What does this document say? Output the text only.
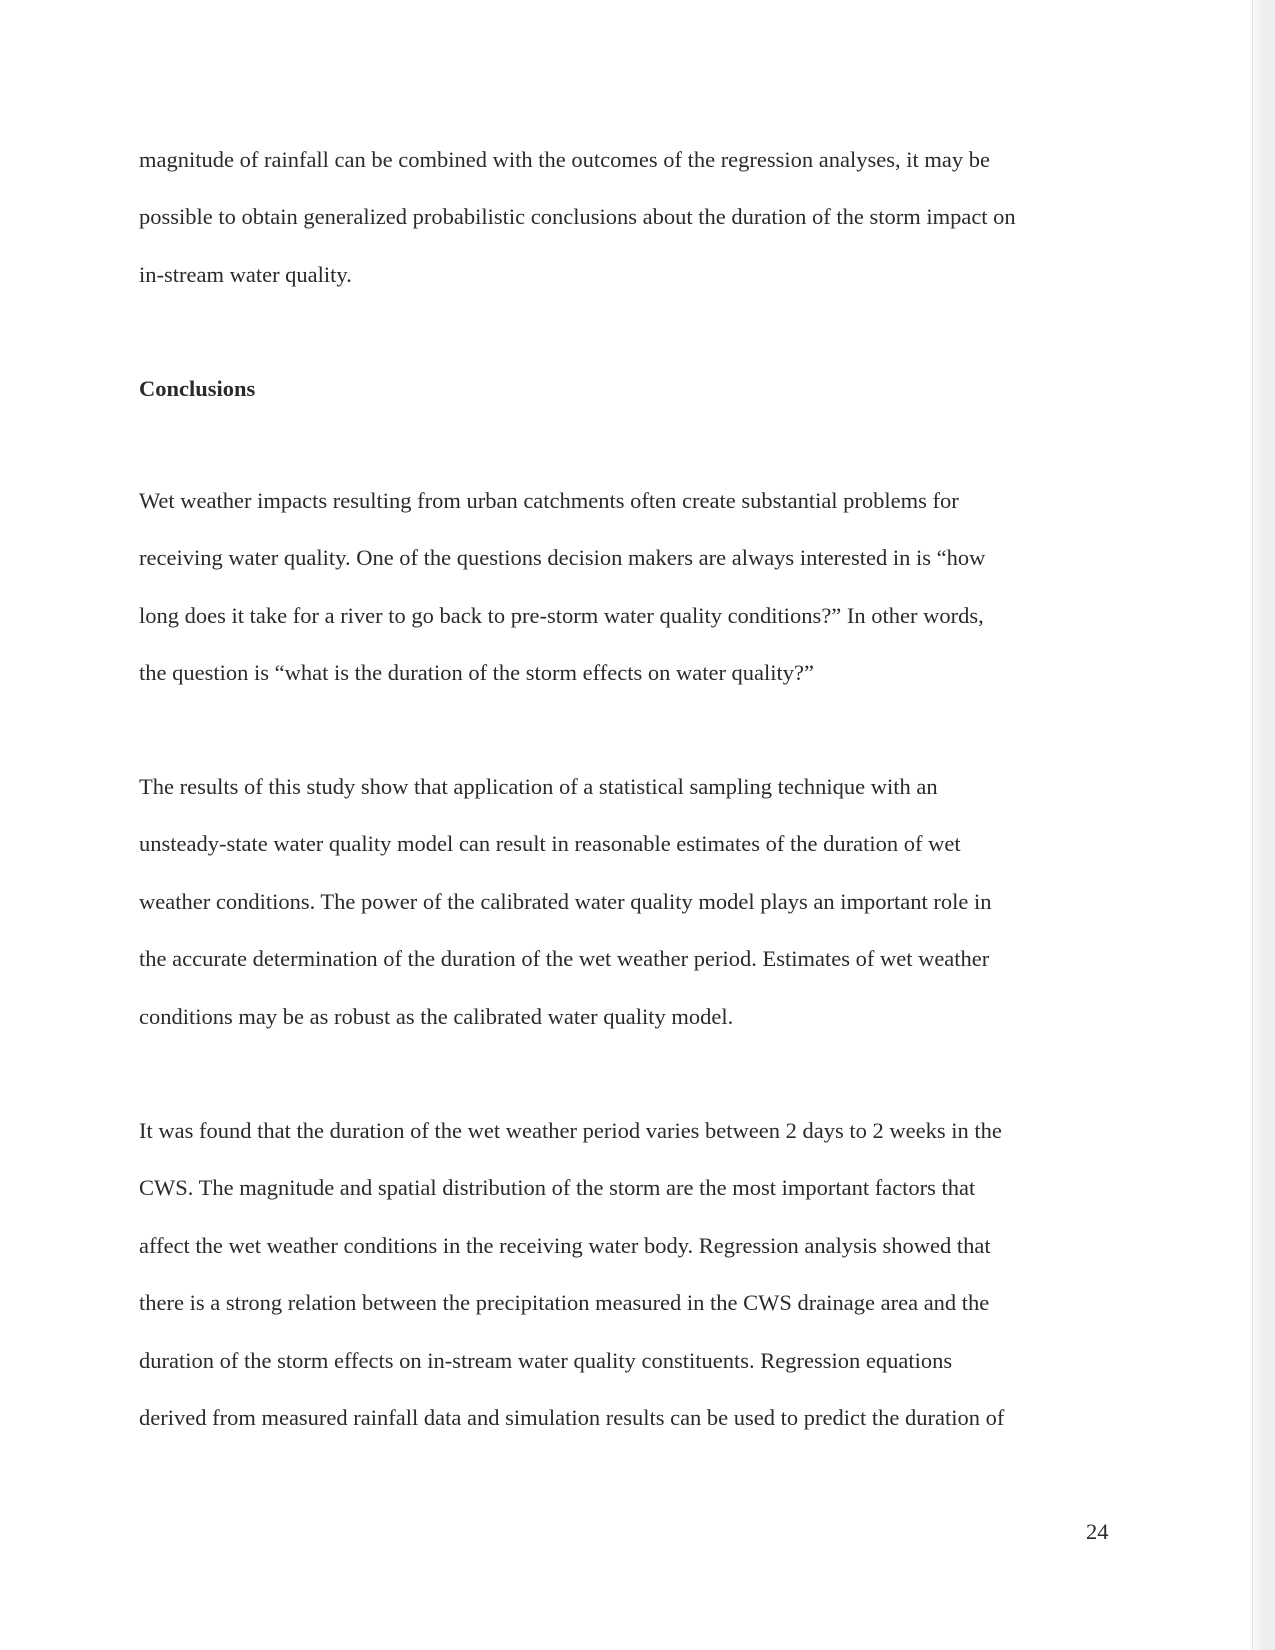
magnitude of rainfall can be combined with the outcomes of the regression analyses, it may be
possible to obtain generalized probabilistic conclusions about the duration of the storm impact on
in-stream water quality.
Conclusions
Wet weather impacts resulting from urban catchments often create substantial problems for
receiving water quality. One of the questions decision makers are always interested in is “how
long does it take for a river to go back to pre-storm water quality conditions?” In other words,
the question is “what is the duration of the storm effects on water quality?”
The results of this study show that application of a statistical sampling technique with an
unsteady-state water quality model can result in reasonable estimates of the duration of wet
weather conditions. The power of the calibrated water quality model plays an important role in
the accurate determination of the duration of the wet weather period. Estimates of wet weather
conditions may be as robust as the calibrated water quality model.
It was found that the duration of the wet weather period varies between 2 days to 2 weeks in the
CWS. The magnitude and spatial distribution of the storm are the most important factors that
affect the wet weather conditions in the receiving water body. Regression analysis showed that
there is a strong relation between the precipitation measured in the CWS drainage area and the
duration of the storm effects on in-stream water quality constituents. Regression equations
derived from measured rainfall data and simulation results can be used to predict the duration of
24
